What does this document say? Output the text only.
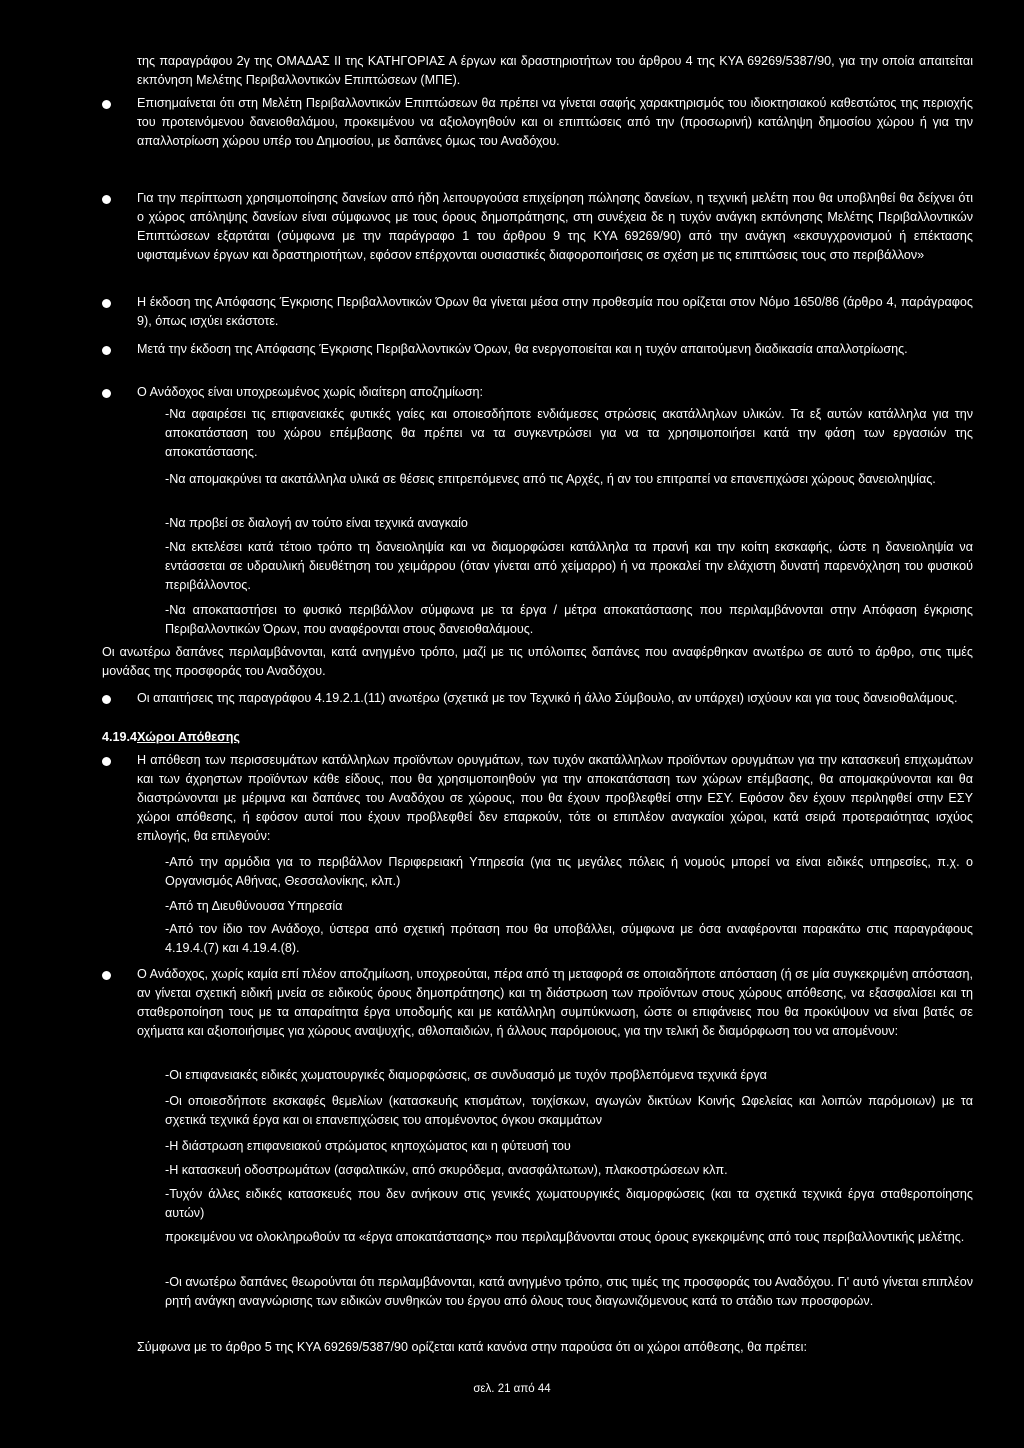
της παραγράφου 2γ της ΟΜΑΔΑΣ ΙΙ της ΚΑΤΗΓΟΡΙΑΣ Α έργων και δραστηριοτήτων του άρθρου 4 της ΚΥΑ 69269/5387/90, για την οποία απαιτείται εκπόνηση Μελέτης Περιβαλλοντικών Επιπτώσεων (ΜΠΕ).

Επισημαίνεται ότι στη Μελέτη Περιβαλλοντικών Επιπτώσεων θα πρέπει να γίνεται σαφής χαρακτηρισμός του ιδιοκτησιακού καθεστώτος της περιοχής του προτεινόμενου δανειοθαλάμου, προκειμένου να αξιολογηθούν και οι επιπτώσεις από την (προσωρινή) κατάληψη δημοσίου χώρου ή για την απαλλοτρίωση χώρου υπέρ του Δημοσίου, με δαπάνες όμως του Αναδόχου.

Για την περίπτωση χρησιμοποίησης δανείων από ήδη λειτουργούσα επιχείρηση πώλησης δανείων, η τεχνική μελέτη που θα υποβληθεί θα δείχνει ότι ο χώρος απόληψης δανείων είναι σύμφωνος με τους όρους δημοπράτησης, στη συνέχεια δε η τυχόν ανάγκη εκπόνησης Μελέτης Περιβαλλοντικών Επιπτώσεων εξαρτάται (σύμφωνα με την παράγραφο 1 του άρθρου 9 της ΚΥΑ 69269/90) από την ανάγκη «εκσυγχρονισμού ή επέκτασης υφισταμένων έργων και δραστηριοτήτων, εφόσον επέρχονται ουσιαστικές διαφοροποιήσεις σε σχέση με τις επιπτώσεις τους στο περιβάλλον»

Η έκδοση της Απόφασης Έγκρισης Περιβαλλοντικών Όρων θα γίνεται μέσα στην προθεσμία που ορίζεται στον Νόμο 1650/86 (άρθρο 4, παράγραφος 9), όπως ισχύει εκάστοτε.

Μετά την έκδοση της Απόφασης Έγκρισης Περιβαλλοντικών Όρων, θα ενεργοποιείται και η τυχόν απαιτούμενη διαδικασία απαλλοτρίωσης.

Ο Ανάδοχος είναι υποχρεωμένος χωρίς ιδιαίτερη αποζημίωση:

-Να αφαιρέσει τις επιφανειακές φυτικές γαίες και οποιεσδήποτε ενδιάμεσες στρώσεις ακατάλληλων υλικών. Τα εξ αυτών κατάλληλα για την αποκατάσταση του χώρου επέμβασης θα πρέπει να τα συγκεντρώσει για να τα χρησιμοποιήσει κατά την φάση των εργασιών της αποκατάστασης.

-Να απομακρύνει τα ακατάλληλα υλικά σε θέσεις επιτρεπόμενες από τις Αρχές, ή αν του επιτραπεί να επανεπιχώσει χώρους δανειοληψίας.

-Να προβεί σε διαλογή αν τούτο είναι τεχνικά αναγκαίο

-Να εκτελέσει κατά τέτοιο τρόπο τη δανειοληψία και να διαμορφώσει κατάλληλα τα πρανή και την κοίτη εκσκαφής, ώστε η δανειοληψία να εντάσσεται σε υδραυλική διευθέτηση του χειμάρρου (όταν γίνεται από χείμαρρο) ή να προκαλεί την ελάχιστη δυνατή παρενόχληση του φυσικού περιβάλλοντος.

-Να αποκαταστήσει το φυσικό περιβάλλον σύμφωνα με τα έργα / μέτρα αποκατάστασης που περιλαμβάνονται στην Απόφαση έγκρισης Περιβαλλοντικών Όρων, που αναφέρονται στους δανειοθαλάμους.

Οι ανωτέρω δαπάνες περιλαμβάνονται, κατά ανηγμένο τρόπο, μαζί με τις υπόλοιπες δαπάνες που αναφέρθηκαν ανωτέρω σε αυτό το άρθρο, στις τιμές μονάδας της προσφοράς του Αναδόχου.

Οι απαιτήσεις της παραγράφου 4.19.2.1.(11) ανωτέρω (σχετικά με τον Τεχνικό ή άλλο Σύμβουλο, αν υπάρχει) ισχύουν και για τους δανειοθαλάμους.

4.19.4 Χώροι Απόθεσης

Η απόθεση των περισσευμάτων κατάλληλων προϊόντων ορυγμάτων, των τυχόν ακατάλληλων προϊόντων ορυγμάτων για την κατασκευή επιχωμάτων και των άχρηστων προϊόντων κάθε είδους, που θα χρησιμοποιηθούν για την αποκατάσταση των χώρων επέμβασης, θα απομακρύνονται και θα διαστρώνονται με μέριμνα και δαπάνες του Αναδόχου σε χώρους, που θα έχουν προβλεφθεί στην ΕΣΥ. Εφόσον δεν έχουν περιληφθεί στην ΕΣΥ χώροι απόθεσης, ή εφόσον αυτοί που έχουν προβλεφθεί δεν επαρκούν, τότε οι επιπλέον αναγκαίοι χώροι, κατά σειρά προτεραιότητας ισχύος επιλογής, θα επιλεγούν:

-Από την αρμόδια για το περιβάλλον Περιφερειακή Υπηρεσία (για τις μεγάλες πόλεις ή νομούς μπορεί να είναι ειδικές υπηρεσίες, π.χ. ο Οργανισμός Αθήνας, Θεσσαλονίκης, κλπ.)

-Από τη Διευθύνουσα Υπηρεσία

-Από τον ίδιο τον Ανάδοχο, ύστερα από σχετική πρόταση που θα υποβάλλει, σύμφωνα με όσα αναφέρονται παρακάτω στις παραγράφους 4.19.4.(7) και 4.19.4.(8).

Ο Ανάδοχος, χωρίς καμία επί πλέον αποζημίωση, υποχρεούται, πέρα από τη μεταφορά σε οποιαδήποτε απόσταση (ή σε μία συγκεκριμένη απόσταση, αν γίνεται σχετική ειδική μνεία σε ειδικούς όρους δημοπράτησης) και τη διάστρωση των προϊόντων στους χώρους απόθεσης, να εξασφαλίσει και τη σταθεροποίηση τους με τα απαραίτητα έργα υποδομής και με κατάλληλη συμπύκνωση, ώστε οι επιφάνειες που θα προκύψουν να είναι βατές σε οχήματα και αξιοποιήσιμες για χώρους αναψυχής, αθλοπαιδιών, ή άλλους παρόμοιους, για την τελική δε διαμόρφωση του να απομένουν:

-Οι επιφανειακές ειδικές χωματουργικές διαμορφώσεις, σε συνδυασμό με τυχόν προβλεπόμενα τεχνικά έργα

-Οι οποιεσδήποτε εκσκαφές θεμελίων (κατασκευής κτισμάτων, τοιχίσκων, αγωγών δικτύων Κοινής Ωφελείας και λοιπών παρόμοιων) με τα σχετικά τεχνικά έργα και οι επανεπιχώσεις του απομένοντος όγκου σκαμμάτων

-Η διάστρωση επιφανειακού στρώματος κηποχώματος και η φύτευσή του

-Η κατασκευή οδοστρωμάτων (ασφαλτικών, από σκυρόδεμα, ανασφάλτωτων), πλακοστρώσεων κλπ.

-Τυχόν άλλες ειδικές κατασκευές που δεν ανήκουν στις γενικές χωματουργικές διαμορφώσεις (και τα σχετικά τεχνικά έργα σταθεροποίησης αυτών)

προκειμένου να ολοκληρωθούν τα «έργα αποκατάστασης» που περιλαμβάνονται στους όρους εγκεκριμένης από τους περιβαλλοντικής μελέτης.

-Οι ανωτέρω δαπάνες θεωρούνται ότι περιλαμβάνονται, κατά ανηγμένο τρόπο, στις τιμές της προσφοράς του Αναδόχου. Γι' αυτό γίνεται επιπλέον ρητή ανάγκη αναγνώρισης των ειδικών συνθηκών του έργου από όλους τους διαγωνιζόμενους κατά το στάδιο των προσφορών.

Σύμφωνα με το άρθρο 5 της ΚΥΑ 69269/5387/90 ορίζεται κατά κανόνα στην παρούσα ότι οι χώροι απόθεσης, θα πρέπει:

σελ. 21 από 44
